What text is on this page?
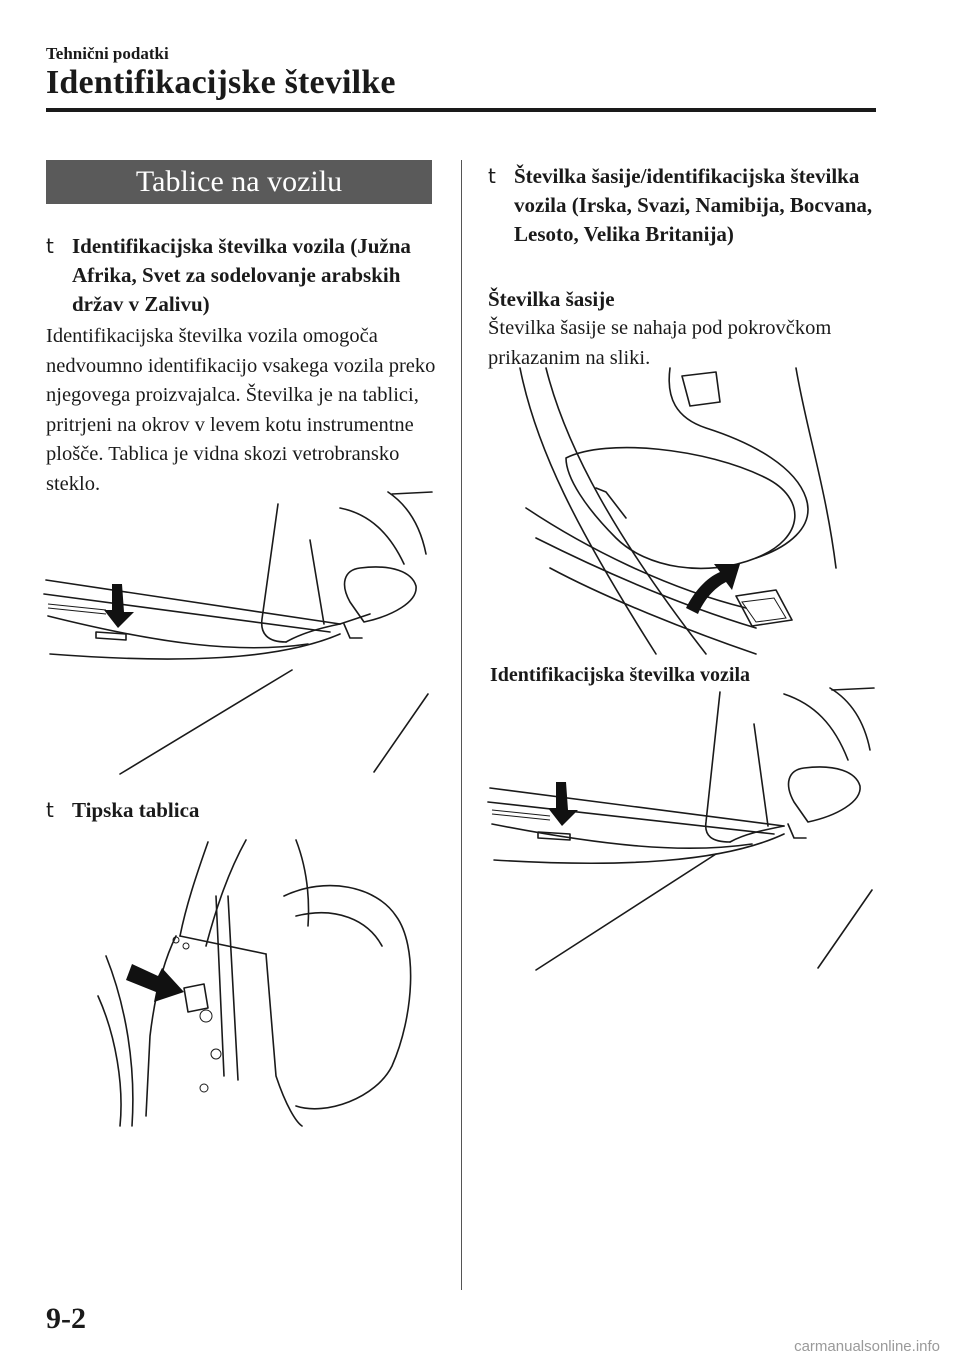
Tehnični podatki
Identifikacijske številke
Tablice na vozilu
t Identifikacijska številka vozila (Južna Afrika, Svet za sodelovanje arabskih držav v Zalivu)
Identifikacijska številka vozila omogoča nedvoumno identifikacijo vsakega vozila preko njegovega proizvajalca. Številka je na tablici, pritrjeni na okrov v levem kotu instrumentne plošče. Tablica je vidna skozi vetrobransko steklo.
t Tipska tablica
t Številka šasije/identifikacijska številka vozila (Irska, Svazi, Namibija, Bocvana, Lesoto, Velika Britanija)
Številka šasije
Številka šasije se nahaja pod pokrovčkom prikazanim na sliki.
Identifikacijska številka vozila
9-2
carmanualsonline.info
